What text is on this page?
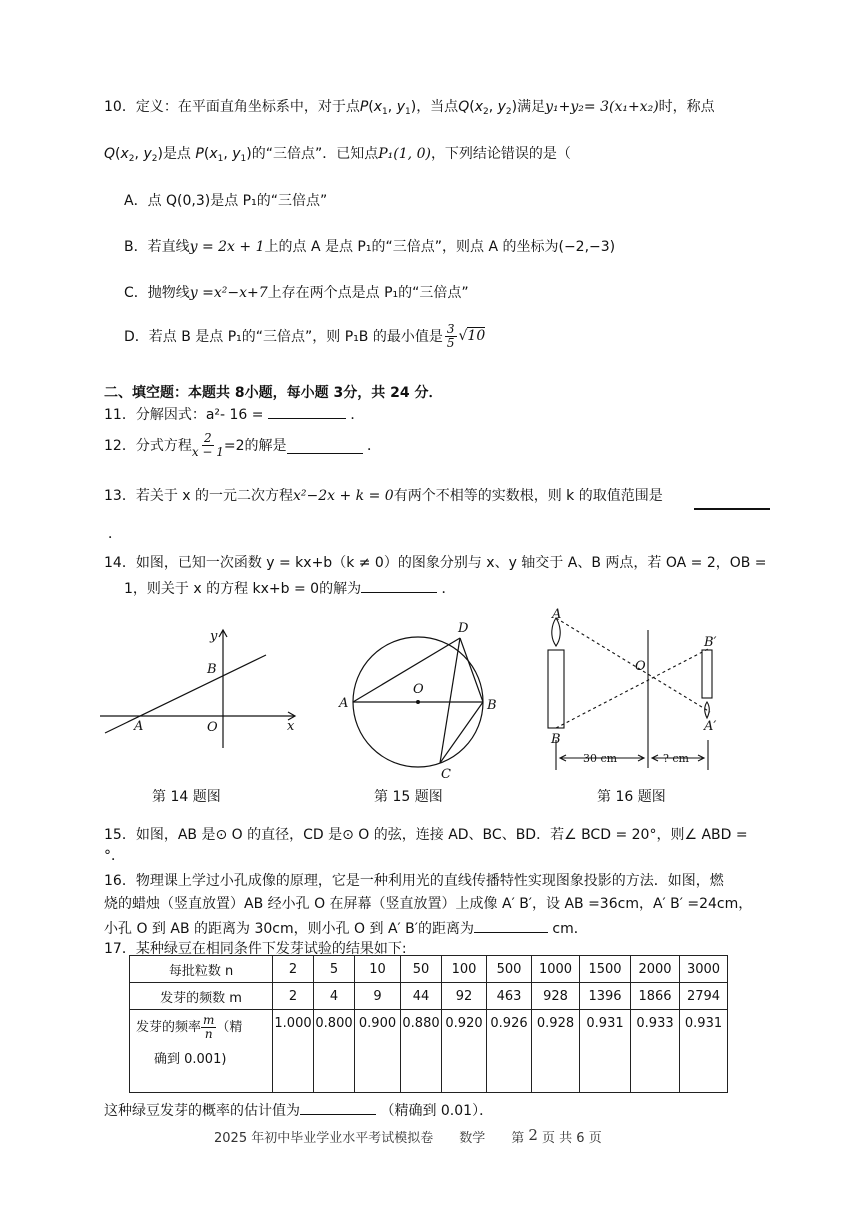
10．定义：在平面直角坐标系中，对于点$P(x_1$, $y_1$)，当点$Q(x_2$, $y_2$)满足y₁+y₂= 3(x₁+x₂)时，称点
$Q(x_2$, $y_2$)是点 $P(x_1$, $y_1$)的“三倍点”．已知点P₁(1, 0)，下列结论错误的是（
A．点 Q(0,3)是点 P₁的“三倍点”
B．若直线y = 2x + 1上的点 A 是点 P₁的“三倍点”，则点 A 的坐标为(−2,−3)
C．抛物线y =x²−x+7上存在两个点是点 P₁的“三倍点”
D．若点 B 是点 P₁的“三倍点”，则 P₁B 的最小值是 $\frac{3}{5} √10$
二、填空题：本题共 8小题，每小题 3分，共 24 分．
11．分解因式：a²- 16 =	．
12．分式方程 $\frac{2}{x - 1} =2$的解是
	．
13．若关于 x 的一元二次方程x²−2x + k = 0有两个不相等的实数根，则 k 的取值范围是
．
14．如图，已知一次函数 y = kx+b（k ≠ 0）的图象分别与 x、y 轴交于 A、B 两点，若 OA = 2，OB =
1，则关于 x 的方程 kx+b = 0的解为	．
y
x
B
A	O
第 14 题图
D
O
A	B
C
第 15 题图
A
B
O
B′
A′
30 cm	? cm
第 16 题图
15．如图，AB 是⊙ O 的直径，CD 是⊙ O 的弦，连接 AD、BC、BD．若∠ BCD = 20°，则∠ ABD =
°．
16．物理课上学过小孔成像的原理，它是一种利用光的直线传播特性实现图象投影的方法．如图，燃
烧的蜡烛（竖直放置）AB 经小孔 O 在屏幕（竖直放置）上成像 A′ B′，设 AB =36cm，A′ B′ =24cm，
小孔 O 到 AB 的距离为 30cm，则小孔 O 到 A′ B′的距离为	cm．
17．某种绿豆在相同条件下发芽试验的结果如下:
每批粒数 n	2	5	10	50	100	500	1000	1500	2000	3000
发芽的频数 m	2	4	9	44	92	463	928	1396	1866	2794

发芽的频率 $\frac{m}{n}$ （精
确到 0.001)	1.000	0.800	0.900	0.880	0.920	0.926	0.928	0.931	0.933	0.931
这种绿豆发芽的概率的估计值为	（精确到 0.01）．
2025 年初中毕业学业水平考试模拟卷　　数学　　第 2 页 共 6 页
